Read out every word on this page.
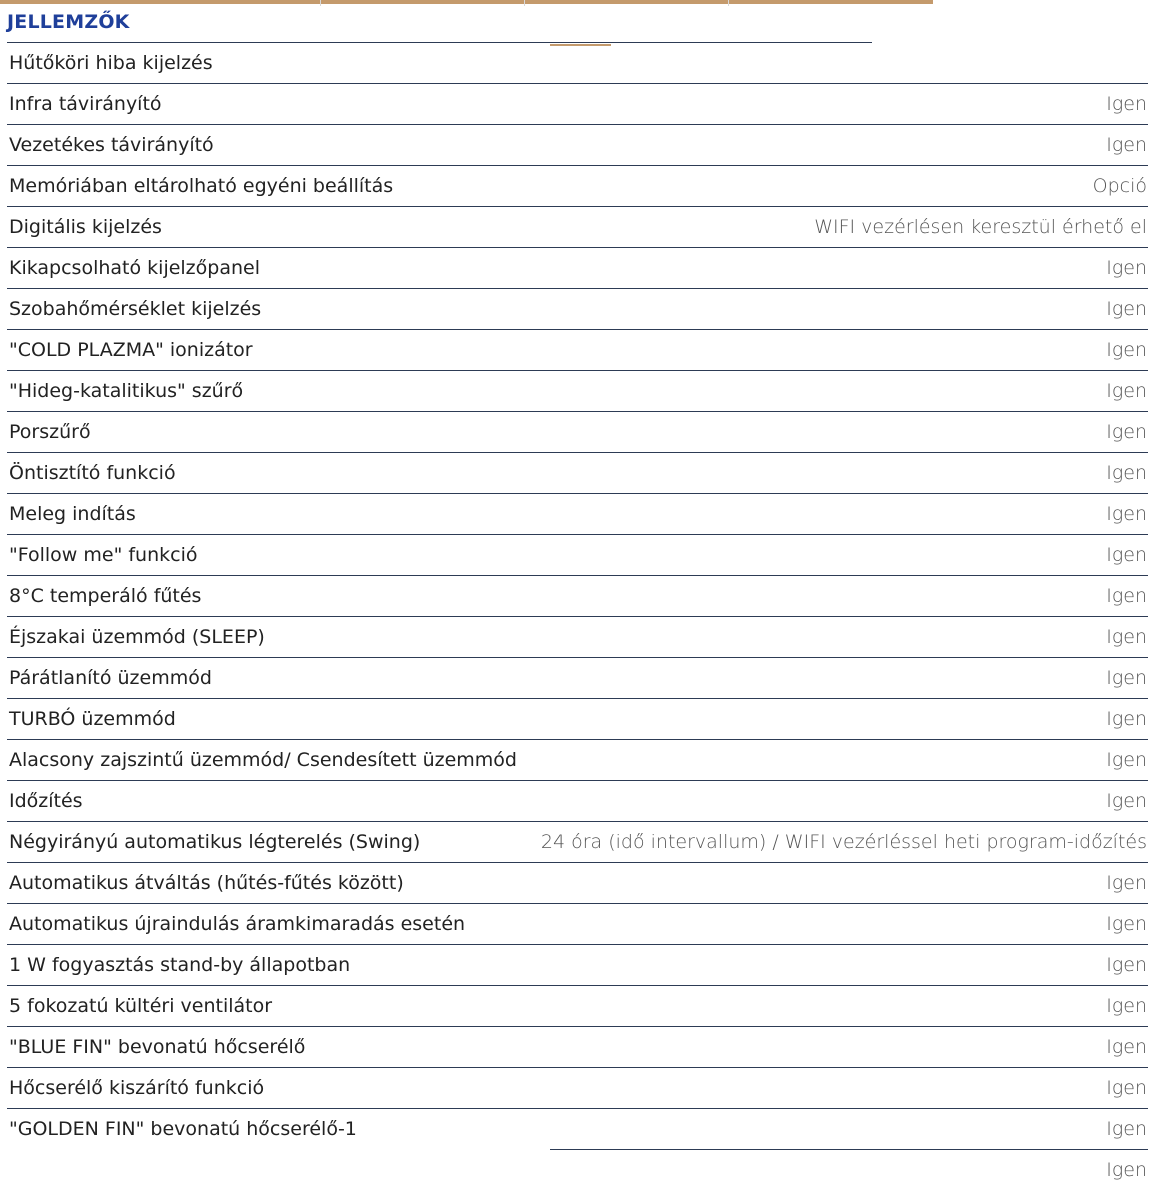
JELLEMZŐK
Hűtőköri hiba kijelzés
Infra távirányító
Vezetékes távirányító
Memóriában eltárolható egyéni beállítás
Digitális kijelzés
Kikapcsolható kijelzőpanel
Szobahőmérséklet kijelzés
"COLD PLAZMA" ionizátor
"Hideg-katalitikus" szűrő
Porszűrő
Öntisztító funkció
Meleg indítás
"Follow me" funkció
8°C temperáló fűtés
Éjszakai üzemmód (SLEEP)
Párátlanító üzemmód
TURBÓ üzemmód
Alacsony zajszintű üzemmód/ Csendesített üzemmód
Időzítés
Négyirányú automatikus légterelés (Swing)
Automatikus átváltás (hűtés-fűtés között)
Automatikus újraindulás áramkimaradás esetén
1 W fogyasztás stand-by állapotban
5 fokozatú kültéri ventilátor
"BLUE FIN" bevonatú hőcserélő
Hőcserélő kiszárító funkció
"GOLDEN FIN" bevonatú hőcserélő-1
Igen
Igen
Opció
WIFI vezérlésen keresztül érhető el
Igen
Igen
Igen
Igen
Igen
Igen
Igen
Igen
Igen
Igen
Igen
Igen
Igen
Igen
24 óra (idő intervallum) / WIFI vezérléssel heti program-időzítés
Igen
Igen
Igen
Igen
Igen
Igen
Igen
Igen
